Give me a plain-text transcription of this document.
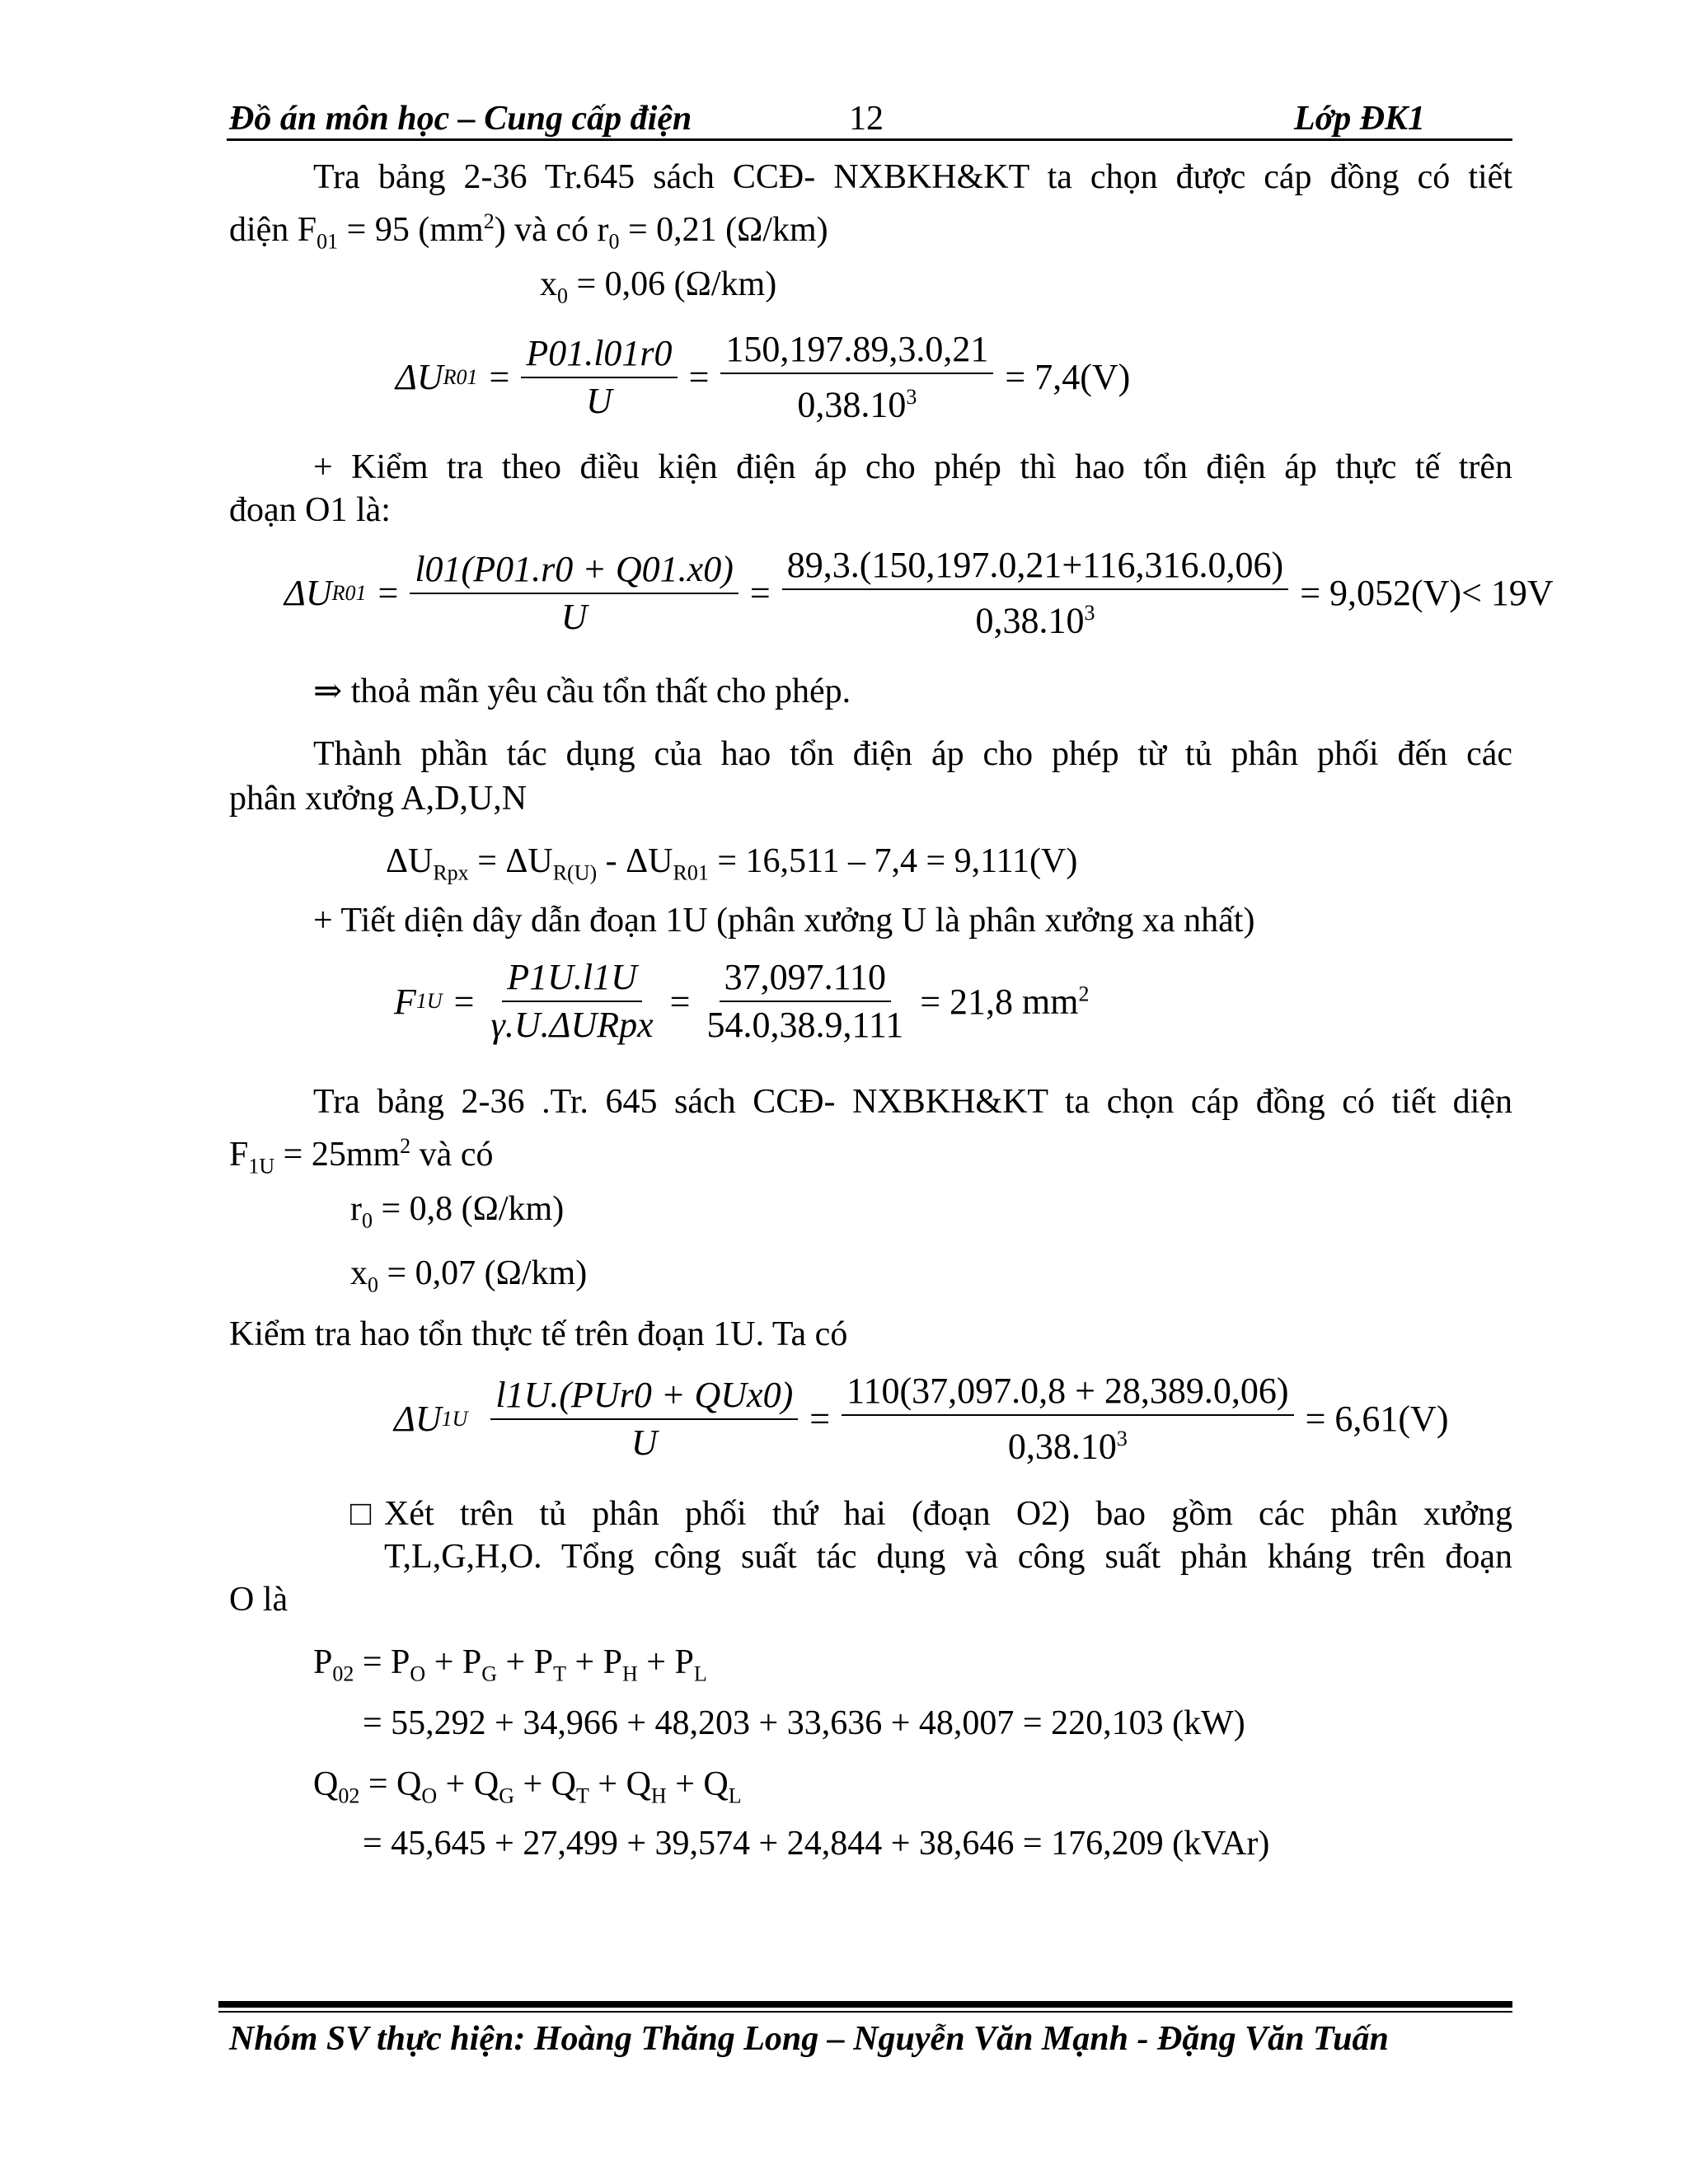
Đồ án môn học – Cung cấp điện	12	Lớp ĐK1
Tra bảng 2-36 Tr.645 sách CCĐ- NXBKH&KT ta chọn được cáp đồng có tiết
diện $F_{01} = 95$ $(mm^2)$ và có $r_0 = 0,21$ (Ω/km)
$x_0 = 0,06$ (Ω/km)
ΔU $R01 = \frac{P01.l01r0}{U} = \frac{150,197.89,3.0,21}{0,38.10^3} = 7,4(V)$
+ Kiểm tra theo điều kiện điện áp cho phép thì hao tổn điện áp thực tế trên
đoạn O1 là:
ΔU $R01 = \frac{l01(P01.r0 + Q01.x0)}{U} = \frac{89,3.(150,197.0,21+116,316.0,06)}{0,38.10^3} = 9,052(V)< 19V$
⇒ thoả mãn yêu cầu tổn thất cho phép.
Thành phần tác dụng của hao tổn điện áp cho phép từ tủ phân phối đến các
phân xưởng A,D,U,N
$\Delta U_{Rpx} = \Delta U_{R(U)} - \Delta U_{R01} = 16,511 - 7,4 = 9,111(V)$
+ Tiết diện dây dẫn đoạn 1U (phân xưởng U là phân xưởng xa nhất)
F $1U = \frac{P1U.l1U}{\text{γ.U.ΔURpx}} = \frac{37,097.110}{54.0,38.9,111} = 21,8$ $mm^2$
Tra bảng 2-36 .Tr. 645 sách CCĐ- NXBKH&KT ta chọn cáp đồng có tiết diện
$F_{1U} = 25mm^2$ và có
$r_0 = 0,8$ (Ω/km)
$x_0 = 0,07$ (Ω/km)
Kiểm tra hao tổn thực tế trên đoạn 1U. Ta có
ΔU $1U \frac{\text{l1U.(PUr0 + QUx0)}}{U} = \frac{110(37,097.0,8 + 28,389.0,06)}{0,38.10^3} = 6,61(V)$
□ Xét trên tủ phân phối thứ hai (đoạn O2) bao gồm các phân xưởng
T,L,G,H,O. Tổng công suất tác dụng và công suất phản kháng trên đoạn
O là
$P_{02} = P_O + P_G + P_T + P_H + P_L$
= 55,292 + 34,966 + 48,203 + 33,636 + 48,007 = 220,103 (kW)
$Q_{02} = Q_O + Q_G + Q_T + Q_H + Q_L$
= 45,645 + 27,499 + 39,574 + 24,844 + 38,646 = 176,209 (kVAr)
Nhóm SV thực hiện: Hoàng Thăng Long – Nguyễn Văn Mạnh - Đặng Văn Tuấn
